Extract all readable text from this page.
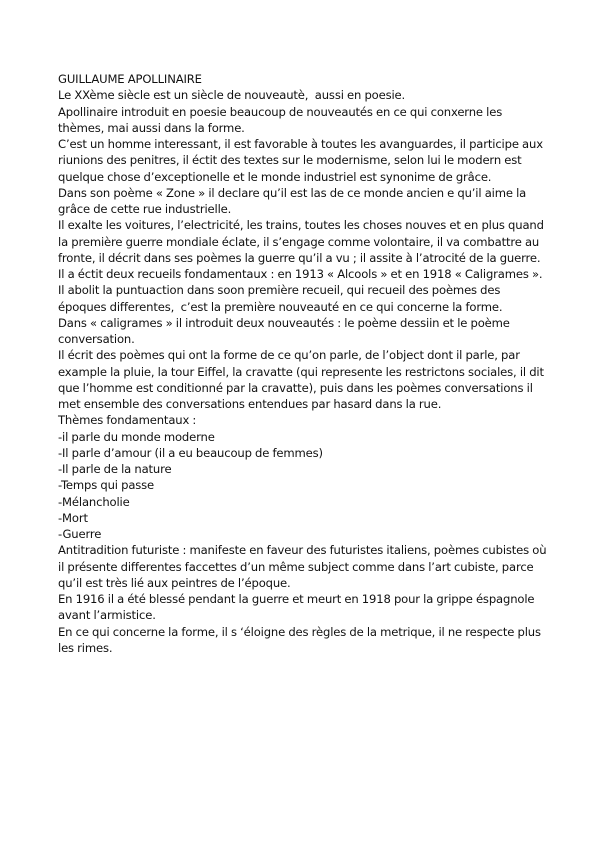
GUILLAUME APOLLINAIRE

Le XXème siècle est un siècle de nouveautè,  aussi en poesie.

Apollinaire introduit en poesie beaucoup de nouveautés en ce qui conxerne les thèmes, mai aussi dans la forme.

C’est un homme interessant, il est favorable à toutes les avanguardes, il participe aux riunions des penitres, il éctit des textes sur le modernisme, selon lui le modern est quelque chose d’exceptionelle et le monde industriel est synonime de grâce.

Dans son poème « Zone » il declare qu’il est las de ce monde ancien e qu’il aime la grâce de cette rue industrielle.

Il exalte les voitures, l’electricité, les trains, toutes les choses nouves et en plus quand la première guerre mondiale éclate, il s’engage comme volontaire, il va combattre au fronte, il décrit dans ses poèmes la guerre qu’il a vu ; il assite à l’atrocité de la guerre.

Il a éctit deux recueils fondamentaux : en 1913 « Alcools » et en 1918 « Caligrames ».

Il abolit la puntuaction dans soon première recueil, qui recueil des poèmes des époques differentes,  c’est la première nouveauté en ce qui concerne la forme.

Dans « caligrames » il introduit deux nouveautés : le poème dessiin et le poème conversation.

Il écrit des poèmes qui ont la forme de ce qu’on parle, de l’object dont il parle, par example la pluie, la tour Eiffel, la cravatte (qui represente les restrictons sociales, il dit que l’homme est conditionné par la cravatte), puis dans les poèmes conversations il met ensemble des conversations entendues par hasard dans la rue.

Thèmes fondamentaux :

-il parle du monde moderne

-Il parle d’amour (il a eu beaucoup de femmes)

-Il parle de la nature

-Temps qui passe

-Mélancholie

-Mort

-Guerre

Antitradition futuriste : manifeste en faveur des futuristes italiens, poèmes cubistes où il présente differentes faccettes d’un même subject comme dans l’art cubiste, parce qu’il est très lié aux peintres de l’époque.

En 1916 il a été blessé pendant la guerre et meurt en 1918 pour la grippe éspagnole avant l’armistice.

En ce qui concerne la forme, il s ‘éloigne des règles de la metrique, il ne respecte plus les rimes.
